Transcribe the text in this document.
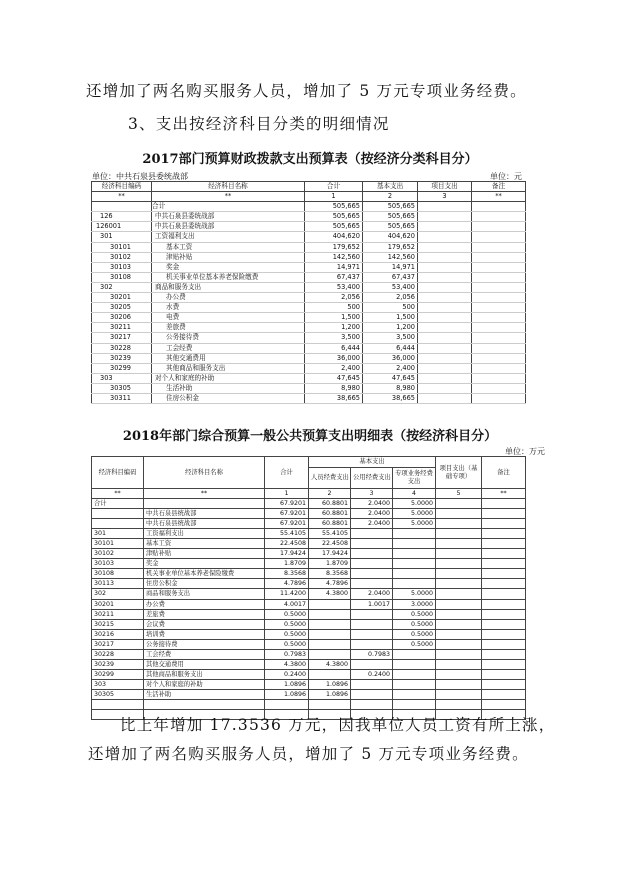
还增加了两名购买服务人员，增加了 5 万元专项业务经费。
3、支出按经济科目分类的明细情况
2017部门预算财政拨款支出预算表（按经济分类科目分）
单位：中共石泉县委统战部	单位：元
经济科目编码	经济科目名称	合计	基本支出	项目支出	备注
**	**	1	2	3	**
	合计	505,665	505,665		
126	中共石泉县委统战部	505,665	505,665		
126001	中共石泉县委统战部	505,665	505,665		
301	工资福利支出	404,620	404,620		
30101	基本工资	179,652	179,652		
30102	津贴补贴	142,560	142,560		
30103	奖金	14,971	14,971		
30108	机关事业单位基本养老保险缴费	67,437	67,437		
302	商品和服务支出	53,400	53,400		
30201	办公费	2,056	2,056		
30205	水费	500	500		
30206	电费	1,500	1,500		
30211	差旅费	1,200	1,200		
30217	公务接待费	3,500	3,500		
30228	工会经费	6,444	6,444		
30239	其他交通费用	36,000	36,000		
30299	其他商品和服务支出	2,400	2,400		
303	对个人和家庭的补助	47,645	47,645		
30305	生活补助	8,980	8,980		
30311	住房公积金	38,665	38,665		
2018年部门综合预算一般公共预算支出明细表（按经济科目分）
单位：万元
经济科目编码	经济科目名称	合计	基本支出			项目支出（基础专项）	备注
			人员经费支出	公用经费支出	专项业务经费支出		
**	**	1	2	3	4	5	**
合计		67.9201	60.8801	2.0400	5.0000		
	中共石泉县统战部	67.9201	60.8801	2.0400	5.0000		
	中共石泉县统战部	67.9201	60.8801	2.0400	5.0000		
301	工资福利支出	55.4105	55.4105				
30101	基本工资	22.4508	22.4508				
30102	津贴补贴	17.9424	17.9424				
30103	奖金	1.8709	1.8709				
30108	机关事业单位基本养老保险缴费	8.3568	8.3568				
30113	住房公积金	4.7896	4.7896				
302	商品和服务支出	11.4200	4.3800	2.0400	5.0000		
30201	办公费	4.0017		1.0017	3.0000		
30211	差旅费	0.5000			0.5000		
30215	会议费	0.5000			0.5000		
30216	培训费	0.5000			0.5000		
30217	公务接待费	0.5000			0.5000		
30228	工会经费	0.7983		0.7983			
30239	其他交通费用	4.3800	4.3800				
30299	其他商品和服务支出	0.2400		0.2400			
303	对个人和家庭的补助	1.0896	1.0896				
30305	生活补助	1.0896	1.0896				

比上年增加 17.3536 万元，因我单位人员工资有所上涨，
还增加了两名购买服务人员，增加了 5 万元专项业务经费。
